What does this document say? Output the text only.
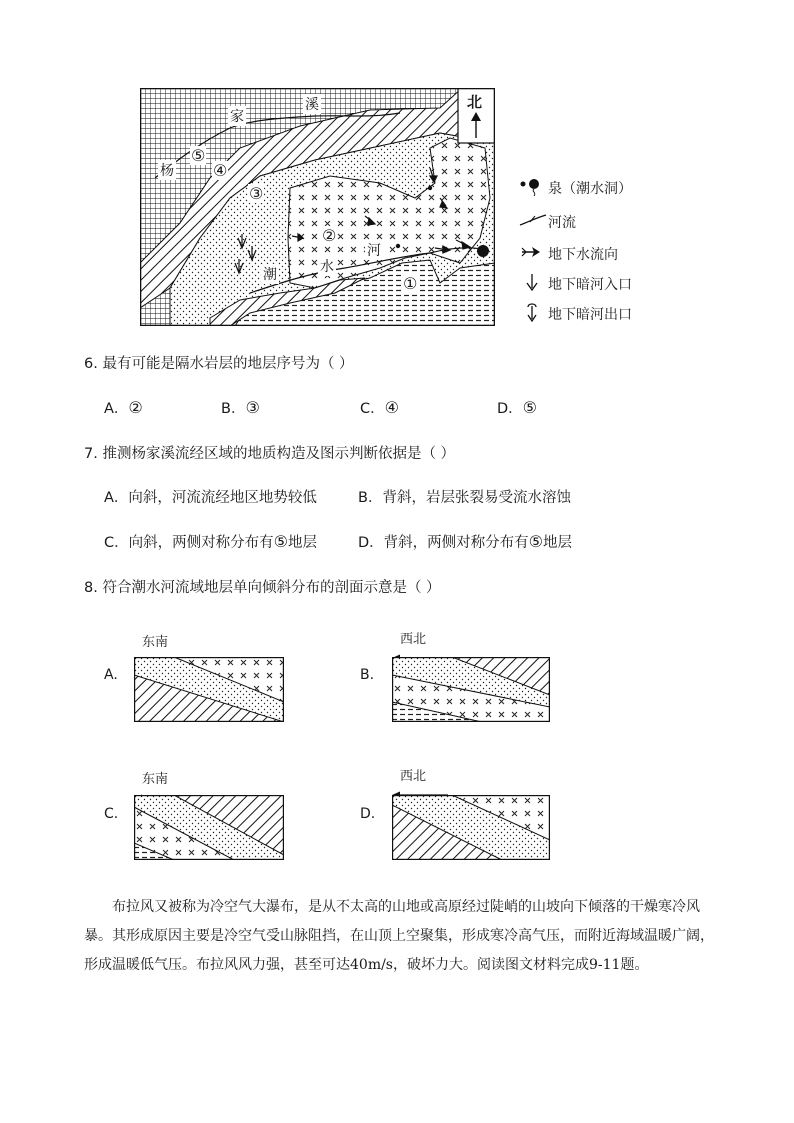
北
家
溪
杨
潮	水
河
①
②
③
④
⑤
泉（潮水洞）
河流
地下水流向
地下暗河入口
地下暗河出口
6. 最有可能是隔水岩层的地层序号为（ ）
A．②	B．③	C．④	D．⑤
7. 推测杨家溪流经区域的地质构造及图示判断依据是（ ）
A．向斜，河流流经地区地势较低	B．背斜，岩层张裂易受流水溶蚀
C．向斜，两侧对称分布有⑤地层	D．背斜，两侧对称分布有⑤地层
8. 符合潮水河流域地层单向倾斜分布的剖面示意是（ ）
A.
东南
B.
西北
C.
东南
D.
西北
布拉风又被称为冷空气大瀑布，是从不太高的山地或高原经过陡峭的山坡向下倾落的干燥寒冷风暴。其形成原因主要是冷空气受山脉阻挡，在山顶上空聚集，形成寒冷高气压，而附近海域温暖广阔，形成温暖低气压。布拉风风力强，甚至可达40m/s，破坏力大。阅读图文材料完成9-11题。
